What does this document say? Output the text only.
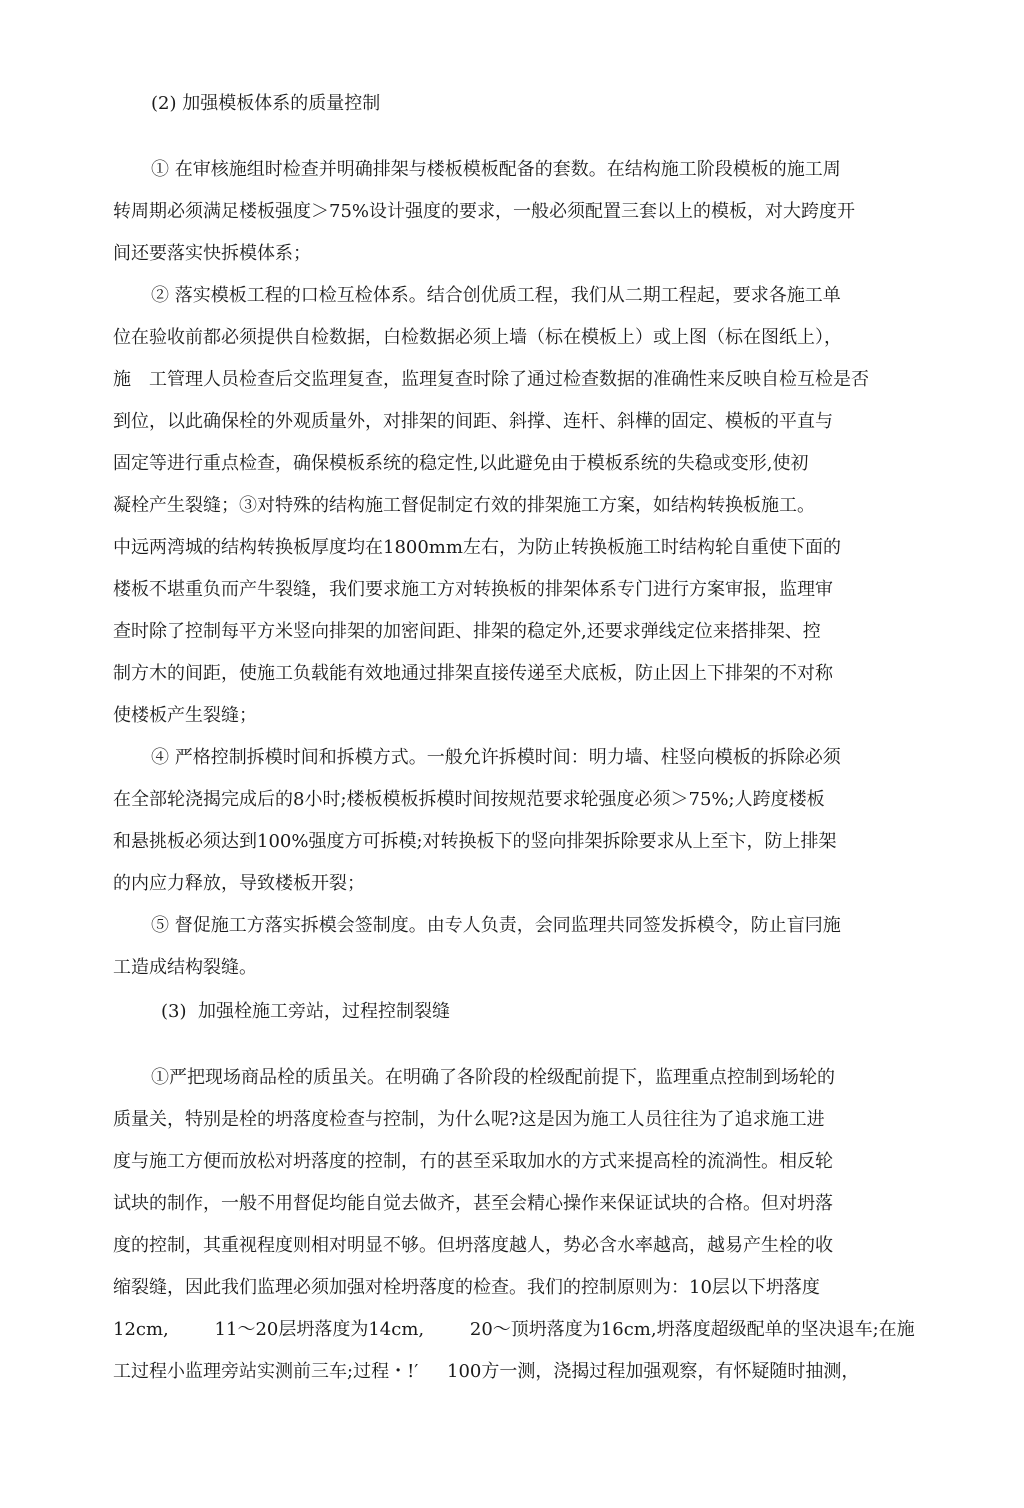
(2) 加强模板体系的质量控制
① 在审核施组时检查并明确排架与楼板模板配备的套数。在结构施工阶段模板的施工周
转周期必须满足楼板强度＞75%设计强度的要求，一般必须配置三套以上的模板，对大跨度开
间还要落实快拆模体系；
② 落实模板工程的口检互检体系。结合创优质工程，我们从二期工程起，要求各施工单
位在验收前都必须提供自检数据，白检数据必须上墙（标在模板上）或上图（标在图纸上），
施　工管理人员检查后交监理复查，监理复查时除了通过检查数据的准确性来反映自检互检是否
到位，以此确保栓的外观质量外，对排架的间距、斜撑、连杆、斜樺的固定、模板的平直与
固定等进行重点检查，确保模板系统的稳定性,以此避免由于模板系统的失稳或变形,使初
凝栓产生裂缝；③对特殊的结构施工督促制定冇效的排架施工方案，如结构转换板施工。
中远两湾城的结构转换板厚度均在1800mm左右，为防止转换板施工时结构轮自重使下面的
楼板不堪重负而产牛裂缝，我们要求施工方对转换板的排架体系专门进行方案审报，监理审
查时除了控制每平方米竖向排架的加密间距、排架的稳定外,还要求弹线定位来搭排架、控
制方木的间距，使施工负载能有效地通过排架直接传递至犬底板，防止因上下排架的不对称
使楼板产生裂缝；
④ 严格控制拆模时间和拆模方式。一般允许拆模时间：明力墙、柱竖向模板的拆除必须
在全部轮浇揭完成后的8小时;楼板模板拆模时间按规范要求轮强度必须＞75%;人跨度楼板
和悬挑板必须达到100%强度方可拆模;对转换板下的竖向排架拆除要求从上至卞，防上排架
的内应力释放，导致楼板开裂；
⑤ 督促施工方落实拆模会签制度。由专人负责，会同监理共同签发拆模令，防止盲冃施
工造成结构裂缝。
(3)  加强栓施工旁站，过程控制裂缝
①严把现场商品栓的质虽关。在明确了各阶段的栓级配前提下，监理重点控制到场轮的
质量关，特别是栓的坍落度检查与控制，为什么呢?这是因为施工人员往往为了追求施工进
度与施工方便而放松对坍落度的控制，冇的甚至采取加水的方式来提高栓的流淌性。相反轮
试块的制作，一般不用督促均能自觉去做齐，甚至会精心操作来保证试块的合格。但对坍落
度的控制，其重视程度则相对明显不够。但坍落度越人，势必含水率越高，越易产生栓的收
缩裂缝，因此我们监理必须加强对栓坍落度的检查。我们的控制原则为：10层以下坍落度
12cm,        11～20层坍落度为14cm,        20～顶坍落度为16cm,坍落度超级配单的坚决退车;在施
工过程小监理旁站实测前三车;过程・!′     100方一测，浇揭过程加强观察，有怀疑随时抽测，
